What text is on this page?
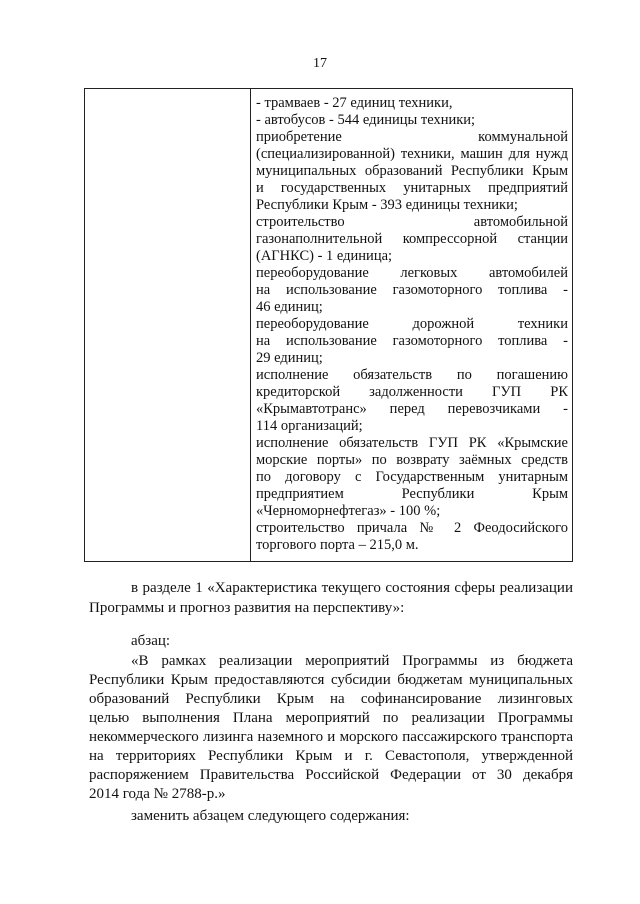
17
- трамваев - 27 единиц техники,
- автобусов - 544 единицы техники;
приобретение коммунальной
(специализированной) техники, машин для нужд
муниципальных образований Республики Крым
и государственных унитарных предприятий
Республики Крым - 393 единицы техники;
строительство автомобильной
газонаполнительной компрессорной станции
(АГНКС) - 1 единица;
переоборудование легковых автомобилей
на использование газомоторного топлива -
46 единиц;
переоборудование дорожной техники
на использование газомоторного топлива -
29 единиц;
исполнение обязательств по погашению
кредиторской задолженности ГУП РК
«Крымавтотранс» перед перевозчиками -
114 организаций;
исполнение обязательств ГУП РК «Крымские
морские порты» по возврату заёмных средств
по договору с Государственным унитарным
предприятием Республики Крым
«Черноморнефтегаз» - 100 %;
строительство причала № 2 Феодосийского
торгового порта – 215,0 м.
в разделе 1 «Характеристика текущего состояния сферы реализации
Программы и прогноз развития на перспективу»:
абзац:
«В рамках реализации мероприятий Программы из бюджета
Республики Крым предоставляются субсидии бюджетам муниципальных
образований Республики Крым на софинансирование лизинговых
целью выполнения Плана мероприятий по реализации Программы
некоммерческого лизинга наземного и морского пассажирского транспорта
на территориях Республики Крым и г. Севастополя, утвержденной
распоряжением Правительства Российской Федерации от 30 декабря
2014 года № 2788-р.»
заменить абзацем следующего содержания:
